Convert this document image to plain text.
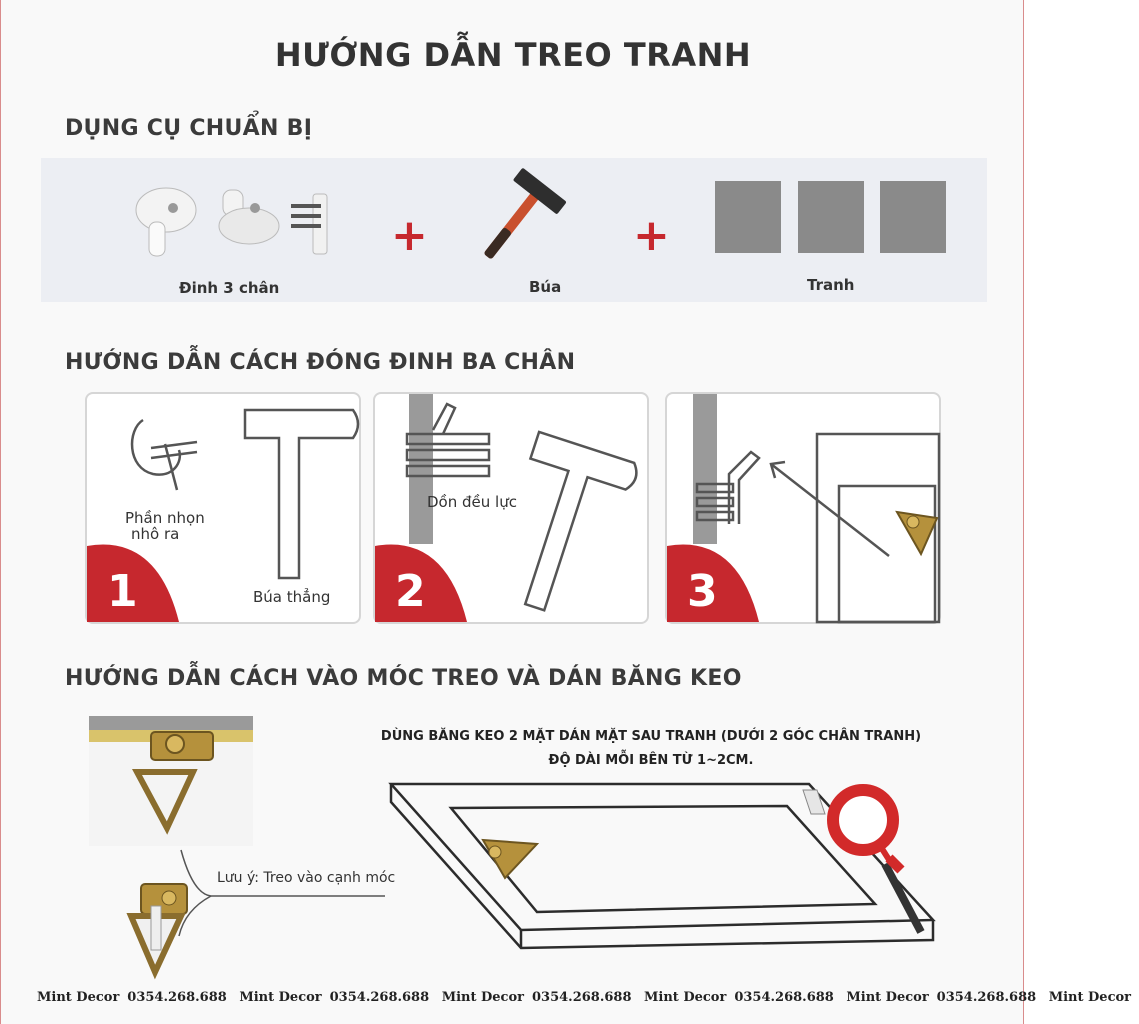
HƯỚNG DẪN TREO TRANH
DỤNG CỤ CHUẨN BỊ
Đinh 3 chân
+
Búa
+
Tranh
HƯỚNG DẪN CÁCH ĐÓNG ĐINH BA CHÂN
1
Phần nhọn
nhô ra
Búa thẳng 2
Dồn đều lực
3
HƯỚNG DẪN CÁCH VÀO MÓC TREO VÀ DÁN BĂNG KEO
DÙNG BĂNG KEO 2 MẶT DÁN MẶT SAU TRANH (DƯỚI 2 GÓC CHÂN TRANH)
ĐỘ DÀI MỖI BÊN TỪ 1~2CM.
Lưu ý: Treo vào cạnh móc
Mint Decor 0354.268.688 Mint Decor 0354.268.688 Mint Decor 0354.268.688 Mint Decor 0354.268.688 Mint Decor 0354.268.688 Mint Decor
